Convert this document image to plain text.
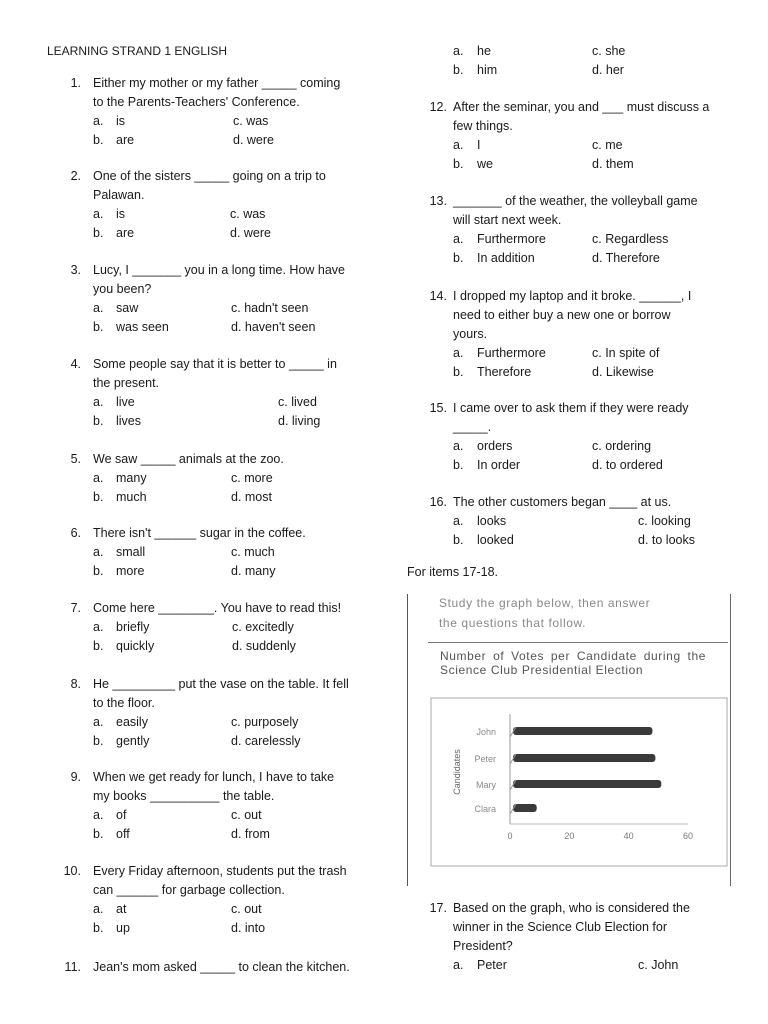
LEARNING STRAND 1 ENGLISH	a. he	c. she
b. him	d. her
For items 17-18.
Study the graph below, then answer
the questions that follow.
Number of Votes per Candidate during the Science Club Presidential Election
John
Peter
Mary
Clara
Candidates
0	20	40	60
1. Either my mother or my father _____ coming
to the Parents-Teachers' Conference.
a. is	c. was
b. are	d. were
2. One of the sisters _____ going on a trip to
Palawan.
a. is	c. was
b. are	d. were
3. Lucy, I _______ you in a long time. How have
you been?
a. saw	c. hadn't seen
b. was seen	d. haven't seen
4. Some people say that it is better to _____ in
the present.
a. live	c. lived
b. lives	d. living
5. We saw _____ animals at the zoo.
a. many	c. more
b. much	d. most
6. There isn't ______ sugar in the coffee.
a. small	c. much
b. more	d. many
7. Come here ________. You have to read this!
a. briefly	c. excitedly
b. quickly	d. suddenly
8. He _________ put the vase on the table. It fell
to the floor.
a. easily	c. purposely
b. gently	d. carelessly
9. When we get ready for lunch, I have to take
my books __________ the table.
a. of	c. out
b. off	d. from
10. Every Friday afternoon, students put the trash
can ______ for garbage collection.
a. at	c. out
b. up	d. into
11. Jean's mom asked _____ to clean the kitchen.
12. After the seminar, you and ___ must discuss a
few things.
a. I	c. me
b. we	d. them
13. _______ of the weather, the volleyball game
will start next week.
a. Furthermore	c. Regardless
b. In addition	d. Therefore
14. I dropped my laptop and it broke. ______, I
need to either buy a new one or borrow
yours.
a. Furthermore	c. In spite of
b. Therefore	d. Likewise
15. I came over to ask them if they were ready
_____.
a. orders	c. ordering
b. In order	d. to ordered
16. The other customers began ____ at us.
a. looks	c. looking
b. looked	d. to looks
17. Based on the graph, who is considered the
winner in the Science Club Election for
President?
a. Peter	c. John
